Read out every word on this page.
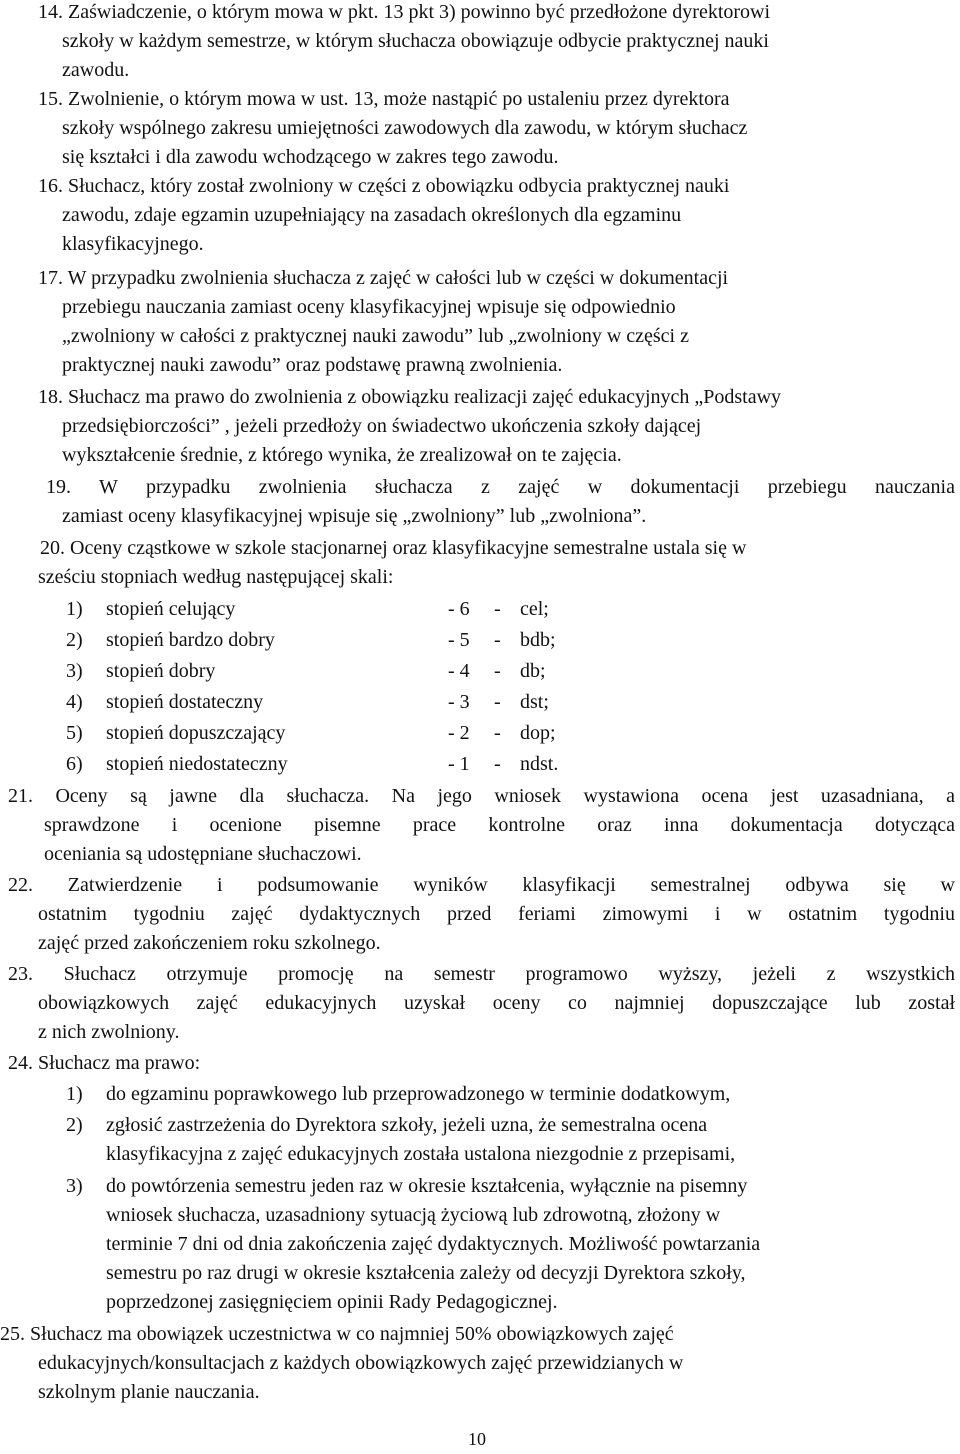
14. Zaświadczenie, o którym mowa w pkt. 13 pkt 3) powinno być przedłożone dyrektorowi
szkoły w każdym semestrze, w którym słuchacza obowiązuje odbycie praktycznej nauki
zawodu.
15. Zwolnienie, o którym mowa w ust. 13, może nastąpić po ustaleniu przez dyrektora
szkoły wspólnego zakresu umiejętności zawodowych dla zawodu, w którym słuchacz
się kształci i dla zawodu wchodzącego w zakres tego zawodu.
16. Słuchacz, który został zwolniony w części z obowiązku odbycia praktycznej nauki
zawodu, zdaje egzamin uzupełniający na zasadach określonych dla egzaminu
klasyfikacyjnego.
17. W przypadku zwolnienia słuchacza z zajęć w całości lub w części w dokumentacji
przebiegu nauczania zamiast oceny klasyfikacyjnej wpisuje się odpowiednio
„zwolniony w całości z praktycznej nauki zawodu” lub „zwolniony w części z
praktycznej nauki zawodu” oraz podstawę prawną zwolnienia.
18. Słuchacz ma prawo do zwolnienia z obowiązku realizacji zajęć edukacyjnych „Podstawy
przedsiębiorczości” , jeżeli przedłoży on świadectwo ukończenia szkoły dającej
wykształcenie średnie, z którego wynika, że zrealizował on te zajęcia.
19. W przypadku zwolnienia słuchacza z zajęć w dokumentacji przebiegu nauczania
zamiast oceny klasyfikacyjnej wpisuje się „zwolniony” lub „zwolniona”.
20. Oceny cząstkowe w szkole stacjonarnej oraz klasyfikacyjne semestralne ustala się w
sześciu stopniach według następującej skali:
1) stopień celujący	- 6 - cel;
2) stopień bardzo dobry	- 5 - bdb;
3) stopień dobry	- 4 - db;
4) stopień dostateczny	- 3 - dst;
5) stopień dopuszczający	- 2 - dop;
6) stopień niedostateczny	- 1 - ndst.
21. Oceny są jawne dla słuchacza. Na jego wniosek wystawiona ocena jest uzasadniana, a
sprawdzone i ocenione pisemne prace kontrolne oraz inna dokumentacja dotycząca
oceniania są udostępniane słuchaczowi.
22. Zatwierdzenie i podsumowanie wyników klasyfikacji semestralnej odbywa się w
ostatnim tygodniu zajęć dydaktycznych przed feriami zimowymi i w ostatnim tygodniu
zajęć przed zakończeniem roku szkolnego.
23. Słuchacz otrzymuje promocję na semestr programowo wyższy, jeżeli z wszystkich
obowiązkowych zajęć edukacyjnych uzyskał oceny co najmniej dopuszczające lub został
z nich zwolniony.
24. Słuchacz ma prawo:
1) do egzaminu poprawkowego lub przeprowadzonego w terminie dodatkowym,
2) zgłosić zastrzeżenia do Dyrektora szkoły, jeżeli uzna, że semestralna ocena
klasyfikacyjna z zajęć edukacyjnych została ustalona niezgodnie z przepisami,
3) do powtórzenia semestru jeden raz w okresie kształcenia, wyłącznie na pisemny
wniosek słuchacza, uzasadniony sytuacją życiową lub zdrowotną, złożony w
terminie 7 dni od dnia zakończenia zajęć dydaktycznych. Możliwość powtarzania
semestru po raz drugi w okresie kształcenia zależy od decyzji Dyrektora szkoły,
poprzedzonej zasięgnięciem opinii Rady Pedagogicznej.
25. Słuchacz ma obowiązek uczestnictwa w co najmniej 50% obowiązkowych zajęć
edukacyjnych/konsultacjach z każdych obowiązkowych zajęć przewidzianych w
szkolnym planie nauczania.
10
